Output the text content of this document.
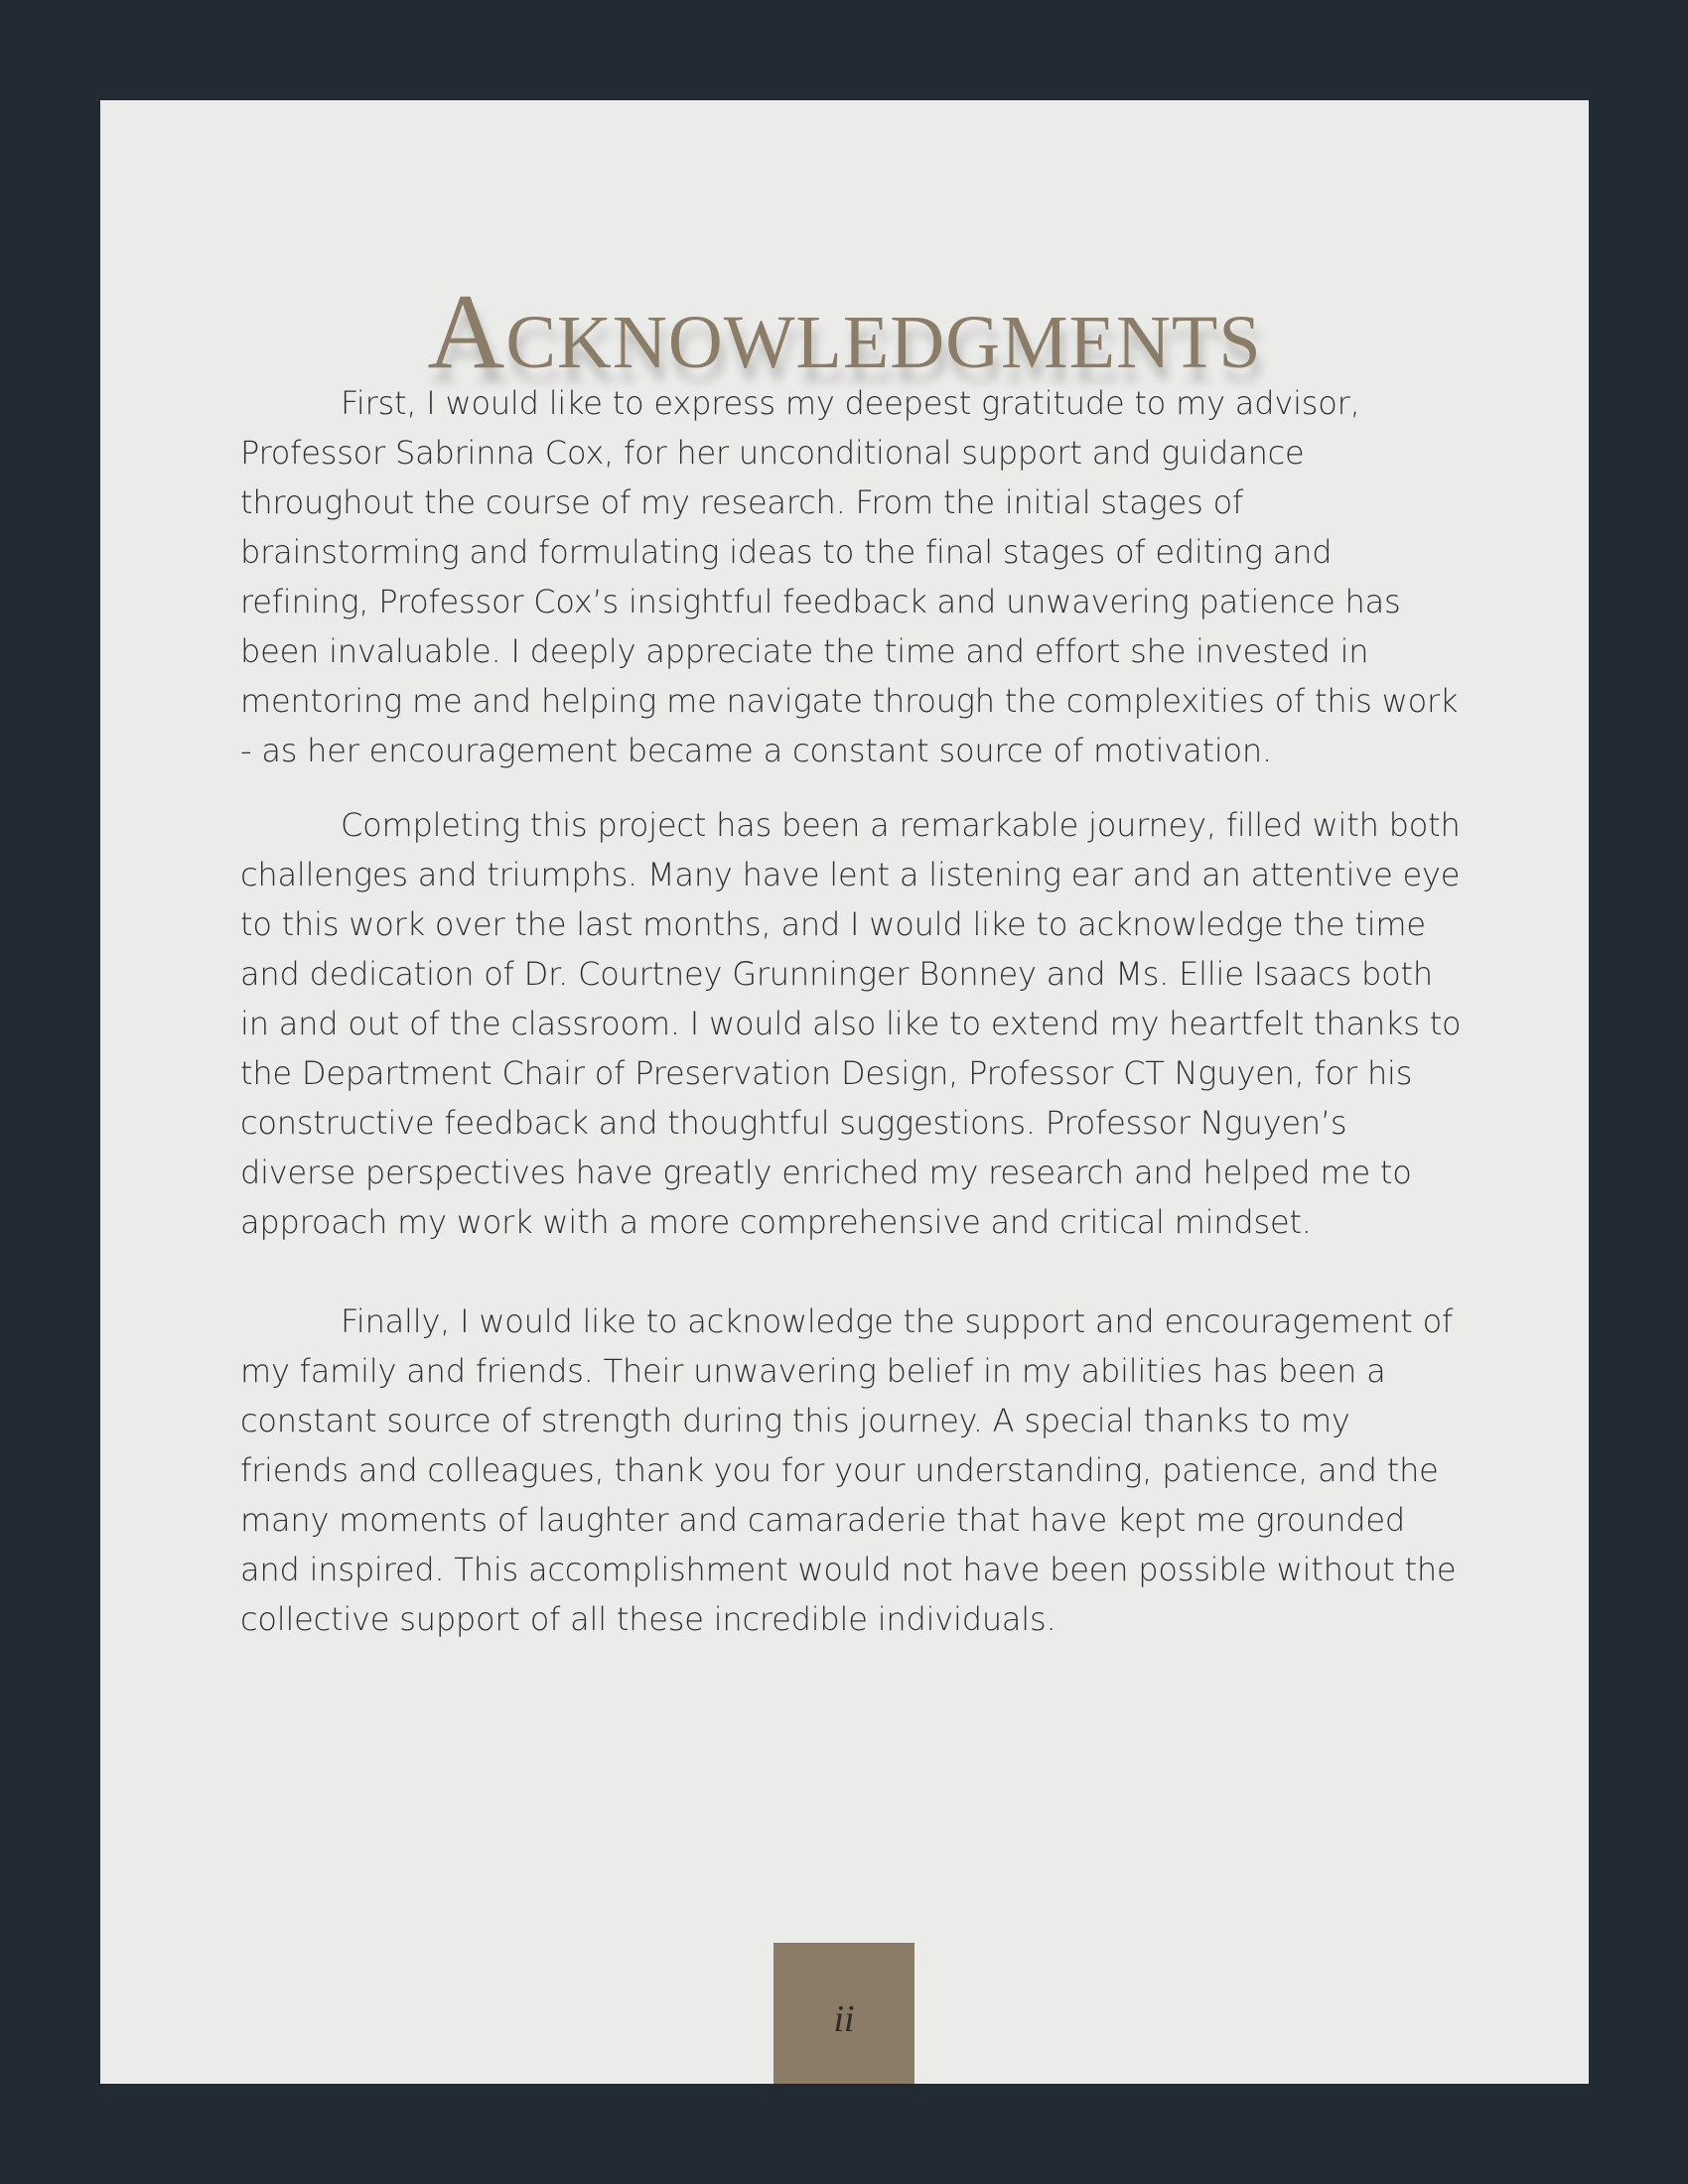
Acknowledgments

First, I would like to express my deepest gratitude to my advisor, Professor Sabrinna Cox, for her unconditional support and guidance throughout the course of my research. From the initial stages of brainstorming and formulating ideas to the final stages of editing and refining, Professor Cox’s insightful feedback and unwavering patience has been invaluable. I deeply appreciate the time and effort she invested in mentoring me and helping me navigate through the complexities of this work - as her encouragement became a constant source of motivation.

Completing this project has been a remarkable journey, filled with both challenges and triumphs. Many have lent a listening ear and an attentive eye to this work over the last months, and I would like to acknowledge the time and dedication of Dr. Courtney Grunninger Bonney and Ms. Ellie Isaacs both in and out of the classroom. I would also like to extend my heartfelt thanks to the Department Chair of Preservation Design, Professor CT Nguyen, for his constructive feedback and thoughtful suggestions. Professor Nguyen’s diverse perspectives have greatly enriched my research and helped me to approach my work with a more comprehensive and critical mindset.

Finally, I would like to acknowledge the support and encouragement of my family and friends. Their unwavering belief in my abilities has been a constant source of strength during this journey. A special thanks to my friends and colleagues, thank you for your understanding, patience, and the many moments of laughter and camaraderie that have kept me grounded and inspired. This accomplishment would not have been possible without the collective support of all these incredible individuals.

ii
